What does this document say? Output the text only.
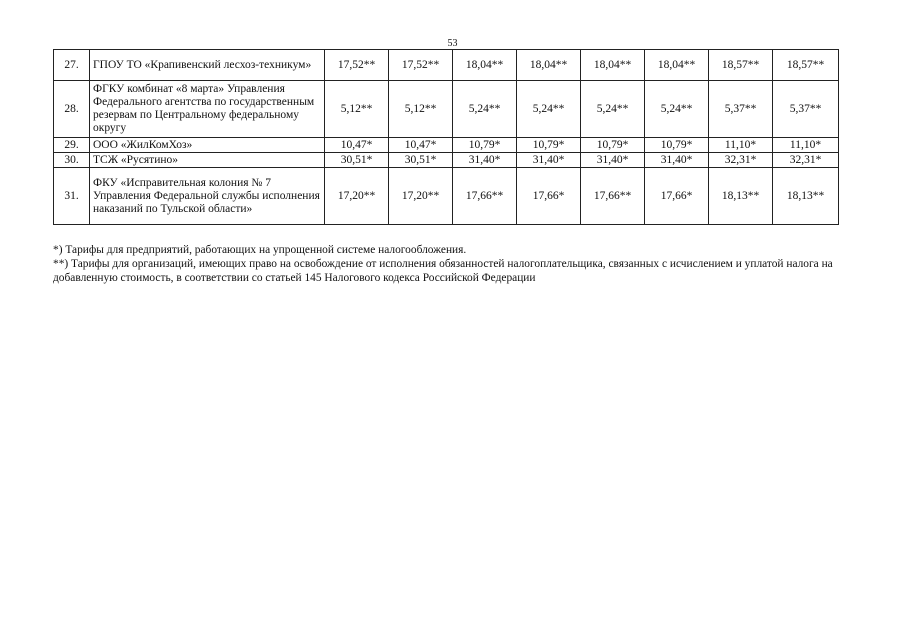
53
27.	ГПОУ ТО «Крапивенский лесхоз-техникум»	17,52**	17,52**	18,04**	18,04**	18,04**	18,04**	18,57**	18,57**
28.	ФГКУ комбинат «8 марта» Управления Федерального агентства по государственным резервам по Центральному федеральному округу	5,12**	5,12**	5,24**	5,24**	5,24**	5,24**	5,37**	5,37**
29.	ООО «ЖилКомХоз»	10,47*	10,47*	10,79*	10,79*	10,79*	10,79*	11,10*	11,10*
30.	ТСЖ «Русятино»	30,51*	30,51*	31,40*	31,40*	31,40*	31,40*	32,31*	32,31*
31.	ФКУ «Исправительная колония № 7 Управления Федеральной службы исполнения наказаний по Тульской области»	17,20**	17,20**	17,66**	17,66*	17,66**	17,66*	18,13**	18,13**

*) Тарифы для предприятий, работающих на упрощенной системе налогообложения.

**) Тарифы для организаций, имеющих право на освобождение от исполнения обязанностей налогоплательщика, связанных с исчислением и уплатой налога на добавленную стоимость, в соответствии со статьей 145 Налогового кодекса Российской Федерации
